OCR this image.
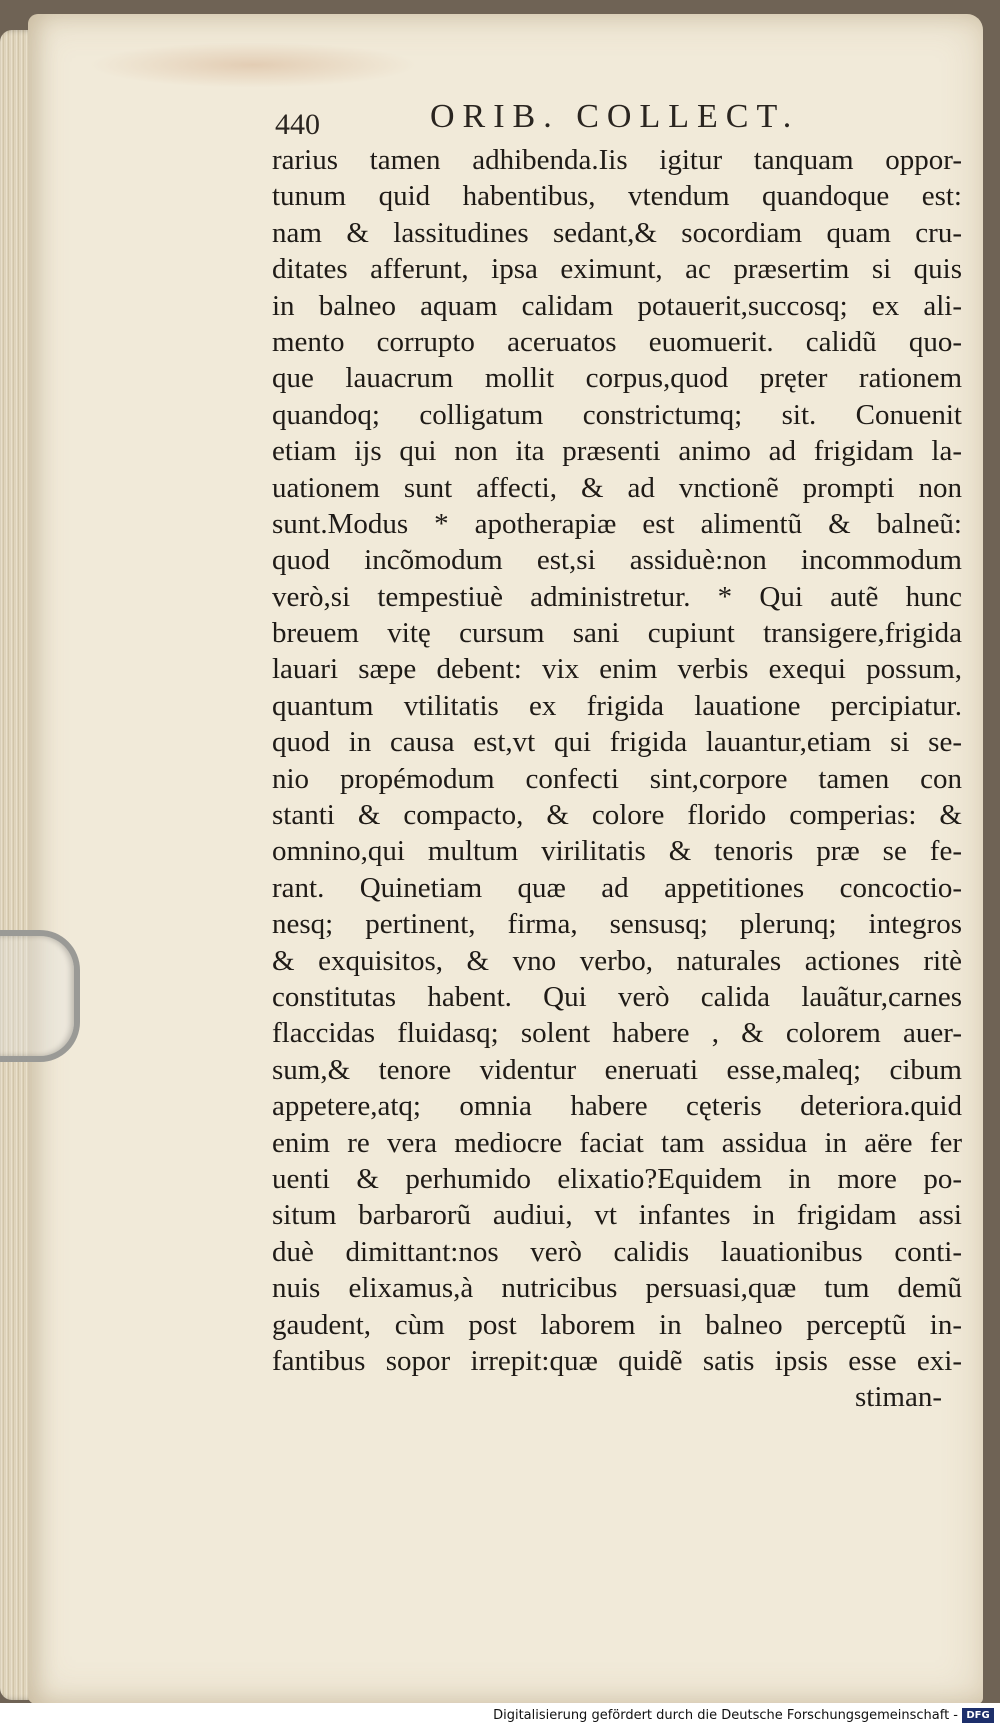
440	ORIB. COLLECT.
rarius tamen adhibenda.Iis igitur tanquam oppor-
tunum quid habentibus, vtendum quandoque est:
nam & lassitudines sedant,& socordiam quam cru-
ditates afferunt, ipsa eximunt, ac præsertim si quis
in balneo aquam calidam potauerit,succosq; ex ali-
mento corrupto aceruatos euomuerit. calidũ quo-
que lauacrum mollit corpus,quod pręter rationem
quandoq; colligatum constrictumq; sit. Conuenit
etiam ijs qui non ita præsenti animo ad frigidam la-
uationem sunt affecti, & ad vnctionẽ prompti non
sunt.Modus * apotherapiæ est alimentũ & balneũ:
quod incõmodum est,si assiduè:non incommodum
verò,si tempestiuè administretur. * Qui autẽ hunc
breuem vitę cursum sani cupiunt transigere,frigida
lauari sæpe debent: vix enim verbis exequi possum,
quantum vtilitatis ex frigida lauatione percipiatur.
quod in causa est,vt qui frigida lauantur,etiam si se-
nio propémodum confecti sint,corpore tamen con
stanti & compacto, & colore florido comperias: &
omnino,qui multum virilitatis & tenoris præ se fe-
rant. Quinetiam quæ ad appetitiones concoctio-
nesq; pertinent, firma, sensusq; plerunq; integros
& exquisitos, & vno verbo, naturales actiones ritè
constitutas habent. Qui verò calida lauãtur,carnes
flaccidas fluidasq; solent habere , & colorem auer-
sum,& tenore videntur eneruati esse,maleq; cibum
appetere,atq; omnia habere cęteris deteriora.quid
enim re vera mediocre faciat tam assidua in aëre fer
uenti & perhumido elixatio?Equidem in more po-
situm barbarorũ audiui, vt infantes in frigidam assi
duè dimittant:nos verò calidis lauationibus conti-
nuis elixamus,à nutricibus persuasi,quæ tum demũ
gaudent, cùm post laborem in balneo perceptũ in-
fantibus sopor irrepit:quæ quidẽ satis ipsis esse exi-
stiman-
Digitalisierung gefördert durch die Deutsche Forschungsgemeinschaft - DFG
